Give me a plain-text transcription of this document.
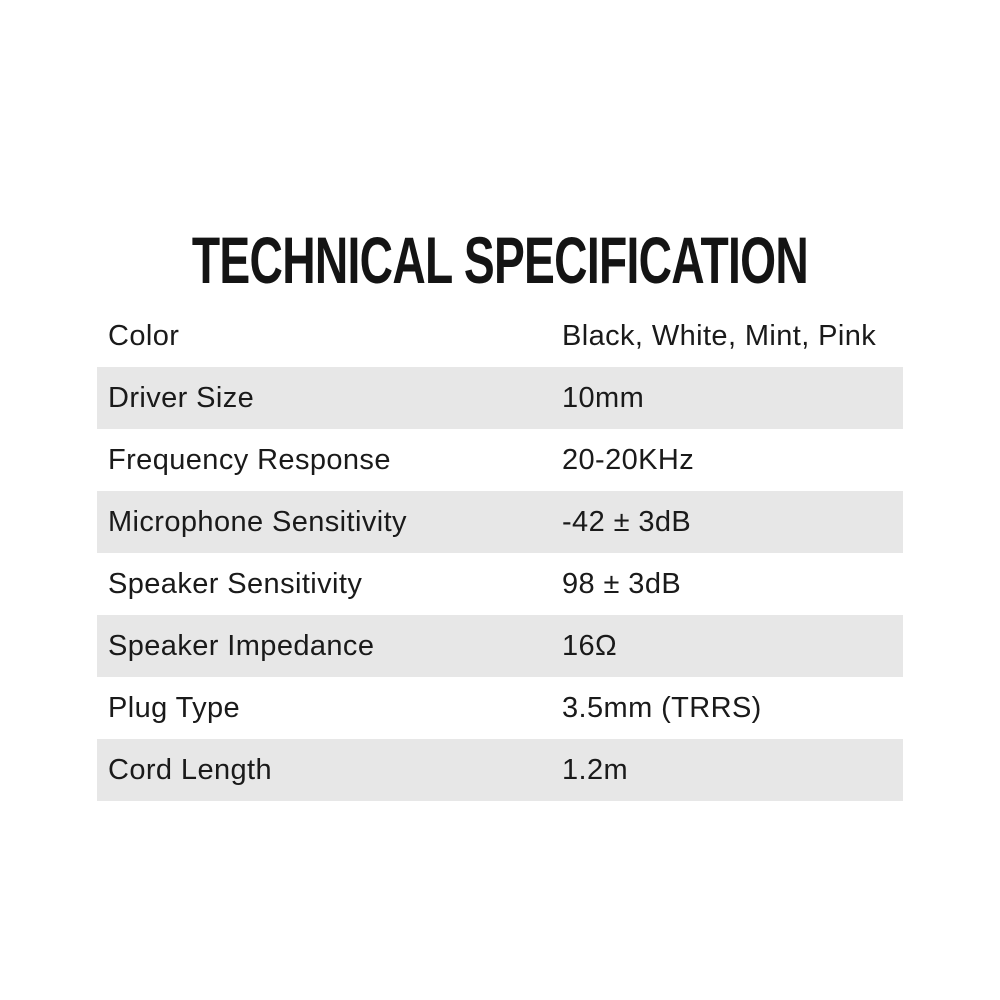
TECHNICAL SPECIFICATION
Color	Black, White, Mint, Pink
Driver Size	10mm
Frequency Response	20-20KHz
Microphone Sensitivity	-42 ± 3dB
Speaker Sensitivity	98 ± 3dB
Speaker Impedance	16Ω
Plug Type	3.5mm (TRRS)
Cord Length	1.2m
